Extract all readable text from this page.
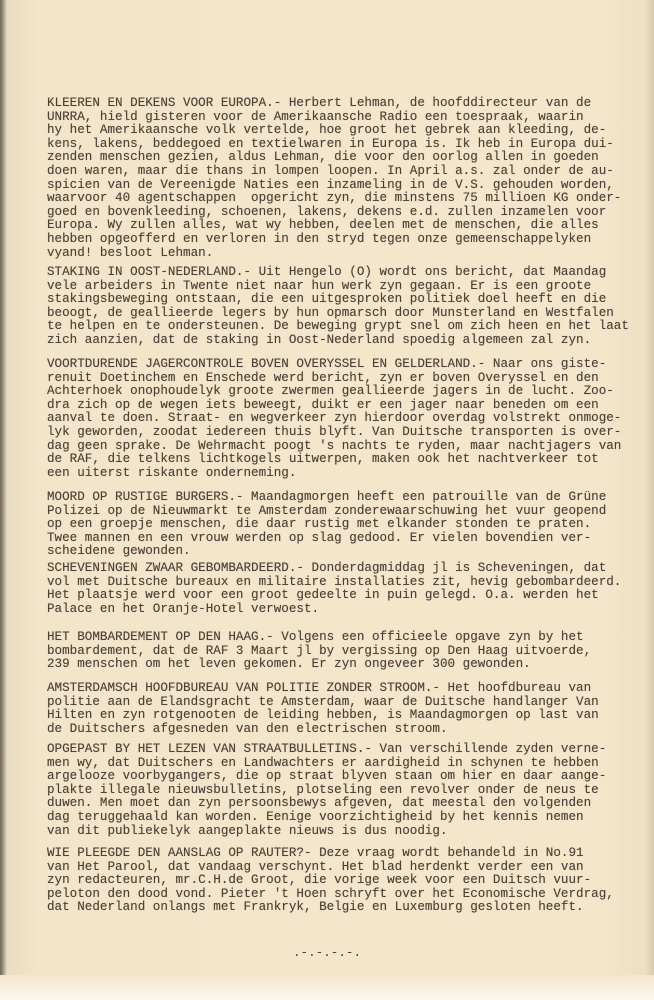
KLEEREN EN DEKENS VOOR EUROPA.- Herbert Lehman, de hoofddirecteur van de
UNRRA, hield gisteren voor de Amerikaansche Radio een toespraak, waarin
hy het Amerikaansche volk vertelde, hoe groot het gebrek aan kleeding, de-
kens, lakens, beddegoed en textielwaren in Europa is. Ik heb in Europa dui-
zenden menschen gezien, aldus Lehman, die voor den oorlog allen in goeden
doen waren, maar die thans in lompen loopen. In April a.s. zal onder de au-
spicien van de Vereenigde Naties een inzameling in de V.S. gehouden worden,
waarvoor 40 agentschappen  opgericht zyn, die minstens 75 millioen KG onder-
goed en bovenkleeding, schoenen, lakens, dekens e.d. zullen inzamelen voor
Europa. Wy zullen alles, wat wy hebben, deelen met de menschen, die alles
hebben opgeofferd en verloren in den stryd tegen onze gemeenschappelyken
vyand! besloot Lehman.
STAKING IN OOST-NEDERLAND.- Uit Hengelo (O) wordt ons bericht, dat Maandag
vele arbeiders in Twente niet naar hun werk zyn gegaan. Er is een groote
stakingsbeweging ontstaan, die een uitgesproken politiek doel heeft en die
beoogt, de geallieerde legers by hun opmarsch door Munsterland en Westfalen
te helpen en te ondersteunen. De beweging grypt snel om zich heen en het laat
zich aanzien, dat de staking in Oost-Nederland spoedig algemeen zal zyn.
VOORTDURENDE JAGERCONTROLE BOVEN OVERYSSEL EN GELDERLAND.- Naar ons giste-
renuit Doetinchem en Enschede werd bericht, zyn er boven Overyssel en den
Achterhoek onophoudelyk groote zwermen geallieerde jagers in de lucht. Zoo-
dra zich op de wegen iets beweegt, duikt er een jager naar beneden om een
aanval te doen. Straat- en wegverkeer zyn hierdoor overdag volstrekt onmoge-
lyk geworden, zoodat iedereen thuis blyft. Van Duitsche transporten is over-
dag geen sprake. De Wehrmacht poogt 's nachts te ryden, maar nachtjagers van
de RAF, die telkens lichtkogels uitwerpen, maken ook het nachtverkeer tot
een uiterst riskante onderneming.
MOORD OP RUSTIGE BURGERS.- Maandagmorgen heeft een patrouille van de Grüne
Polizei op de Nieuwmarkt te Amsterdam zonderewaarschuwing het vuur geopend
op een groepje menschen, die daar rustig met elkander stonden te praten.
Twee mannen en een vrouw werden op slag gedood. Er vielen bovendien ver-
scheidene gewonden.
SCHEVENINGEN ZWAAR GEBOMBARDEERD.- Donderdagmiddag jl is Scheveningen, dat
vol met Duitsche bureaux en militaire installaties zit, hevig gebombardeerd.
Het plaatsje werd voor een groot gedeelte in puin gelegd. O.a. werden het
Palace en het Oranje-Hotel verwoest.
HET BOMBARDEMENT OP DEN HAAG.- Volgens een officieele opgave zyn by het
bombardement, dat de RAF 3 Maart jl by vergissing op Den Haag uitvoerde,
239 menschen om het leven gekomen. Er zyn ongeveer 300 gewonden.
AMSTERDAMSCH HOOFDBUREAU VAN POLITIE ZONDER STROOM.- Het hoofdbureau van
politie aan de Elandsgracht te Amsterdam, waar de Duitsche handlanger Van
Hilten en zyn rotgenooten de leiding hebben, is Maandagmorgen op last van
de Duitschers afgesneden van den electrischen stroom.
OPGEPAST BY HET LEZEN VAN STRAATBULLETINS.- Van verschillende zyden verne-
men wy, dat Duitschers en Landwachters er aardigheid in schynen te hebben
argelooze voorbygangers, die op straat blyven staan om hier en daar aange-
plakte illegale nieuwsbulletins, plotseling een revolver onder de neus te
duwen. Men moet dan zyn persoonsbewys afgeven, dat meestal den volgenden
dag teruggehaald kan worden. Eenige voorzichtigheid by het kennis nemen
van dit publiekelyk aangeplakte nieuws is dus noodig.
WIE PLEEGDE DEN AANSLAG OP RAUTER?- Deze vraag wordt behandeld in No.91
van Het Parool, dat vandaag verschynt. Het blad herdenkt verder een van
zyn redacteuren, mr.C.H.de Groot, die vorige week voor een Duitsch vuur-
peloton den dood vond. Pieter 't Hoen schryft over het Economische Verdrag,
dat Nederland onlangs met Frankryk, Belgie en Luxemburg gesloten heeft.
.-.-.-.-.
